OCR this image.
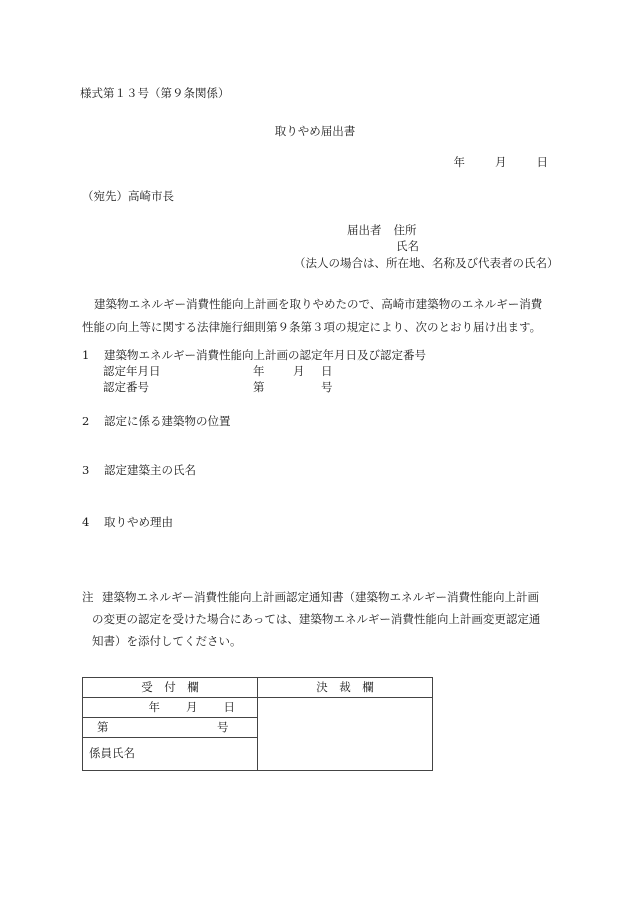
様式第１３号（第９条関係）
取りやめ届出書
年	月	日
（宛先）高崎市長
届出者 住所
氏名
（法人の場合は、所在地、名称及び代表者の氏名）
建築物エネルギー消費性能向上計画を取りやめたので、高崎市建築物のエネルギー消費性能の向上等に関する法律施行細則第９条第３項の規定により、次のとおり届け出ます。
1 建築物エネルギー消費性能向上計画の認定年月日及び認定番号
認定年月日	年 月 日
認定番号	第	号
2 認定に係る建築物の位置
3 認定建築主の氏名
4 取りやめ理由
注 建築物エネルギー消費性能向上計画認定通知書（建築物エネルギー消費性能向上計画
の変更の認定を受けた場合にあっては、建築物エネルギー消費性能向上計画変更認定通
知書）を添付してください。
受　付　欄	決　裁　欄
年 月 日	
第 号	
係員氏名	
